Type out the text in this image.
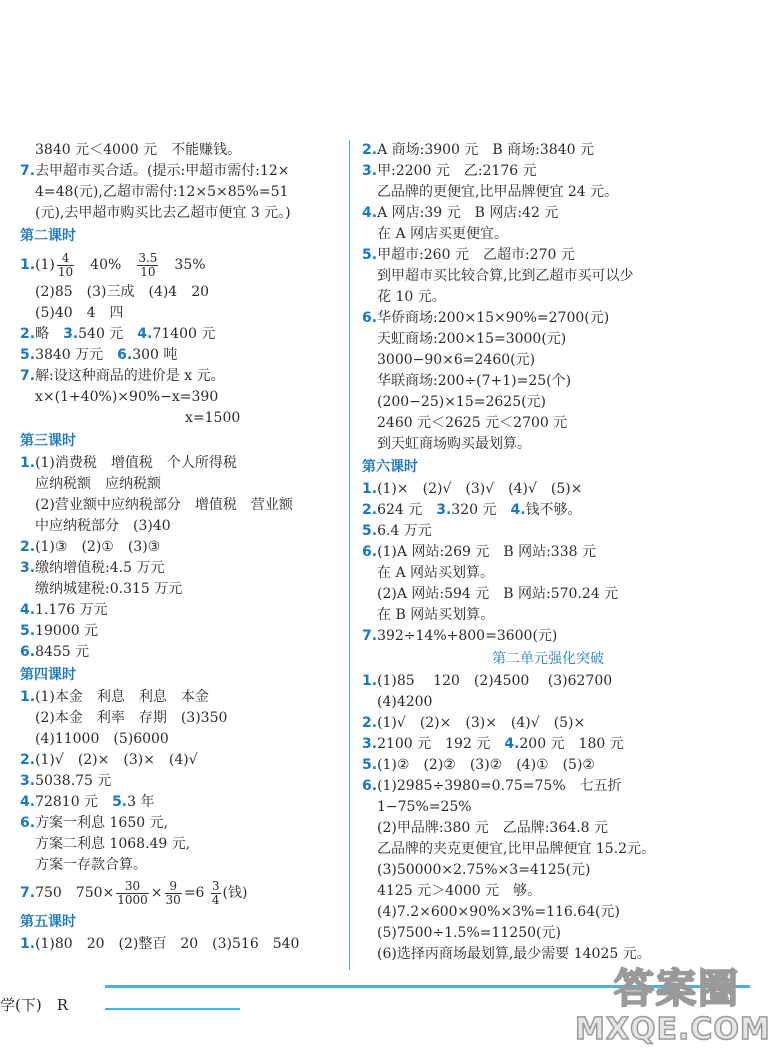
3840 元＜4000 元　不能赚钱。
7.去甲超市买合适。(提示:甲超市需付:12×
4=48(元),乙超市需付:12×5×85%=51
(元),去甲超市购买比去乙超市便宜 3 元。)
第二课时
$1.(1) \frac{4}{10}$ 　40%　 $\frac{3.5}{10}$ 　35%
(2)85　(3)三成　(4)4　20
(5)40　4　四
2.略　3.540 元　4.71400 元
5.3840 万元　6.300 吨
7.解:设这种商品的进价是 x 元。
x×(1+40%)×90%−x=390
x=1500
第三课时
1.(1)消费税　增值税　个人所得税
应纳税额　应纳税额
(2)营业额中应纳税部分　增值税　营业额
中应纳税部分　(3)40
2.(1)③　(2)①　(3)③
3.缴纳增值税:4.5 万元
缴纳城建税:0.315 万元
4.1.176 万元
5.19000 元
6.8455 元
第四课时
1.(1)本金　利息　利息　本金
(2)本金　利率　存期　(3)350
(4)11000　(5)6000
2.(1)√　(2)×　(3)×　(4)√
3.5038.75 元
4.72810 元　5.3 年
6.方案一利息 1650 元,
方案二利息 1068.49 元,
方案一存款合算。
7.750　$750\times \frac{30}{1000} \times \frac{9}{30} =6 \frac{3}{4}$ (钱)
第五课时
1.(1)80　20　(2)整百　20　(3)516　540
2.A 商场:3900 元　B 商场:3840 元
3.甲:2200 元　乙:2176 元
乙品牌的更便宜,比甲品牌便宜 24 元。
4.A 网店:39 元　B 网店:42 元
在 A 网店买更便宜。
5.甲超市:260 元　乙超市:270 元
到甲超市买比较合算,比到乙超市买可以少
花 10 元。
6.华侨商场:200×15×90%=2700(元)
天虹商场:200×15=3000(元)
3000−90×6=2460(元)
华联商场:200÷(7+1)=25(个)
(200−25)×15=2625(元)
2460 元＜2625 元＜2700 元
到天虹商场购买最划算。
第六课时
1.(1)×　(2)√　(3)√　(4)√　(5)×
2.624 元　3.320 元　4.钱不够。
5.6.4 万元
6.(1)A 网站:269 元　B 网站:338 元
在 A 网站买划算。
(2)A 网站:594 元　B 网站:570.24 元
在 B 网站买划算。
7.392÷14%+800=3600(元)
第二单元强化突破
1.(1)85　 120　(2)4500　 (3)62700
(4)4200
2.(1)√　(2)×　(3)×　(4)√　(5)×
3.2100 元　192 元　4.200 元　180 元
5.(1)②　(2)②　(3)②　(4)①　(5)②
6.(1)2985÷3980=0.75=75%　七五折
1−75%=25%
(2)甲品牌:380 元　乙品牌:364.8 元
乙品牌的夹克更便宜,比甲品牌便宜 15.2元。
(3)50000×2.75%×3=4125(元)
4125 元＞4000 元　够。
(4)7.2×600×90%×3%=116.64(元)
(5)7500÷1.5%=11250(元)
(6)选择丙商场最划算,最少需要 14025 元。
学(下)　R	答案圈
MXQE.COM
